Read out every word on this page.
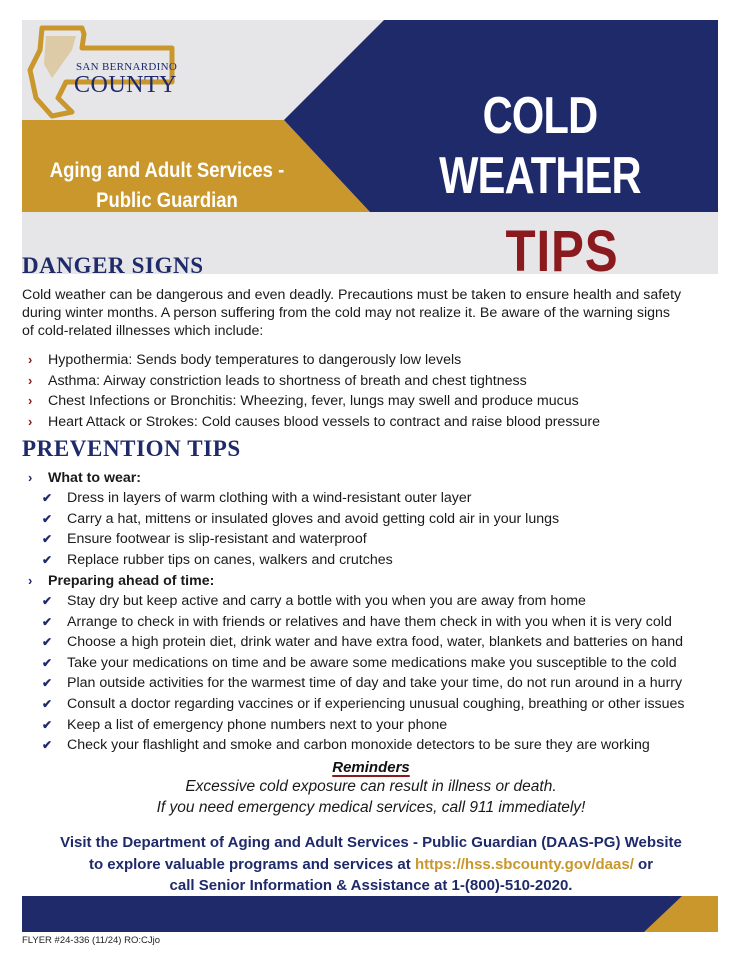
SAN BERNARDINO
COUNTY
Aging and Adult Services -
Public Guardian
COLD WEATHER
TIPS
DANGER SIGNS
Cold weather can be dangerous and even deadly. Precautions must be taken to ensure health and safety during winter months. A person suffering from the cold may not realize it. Be aware of the warning signs of cold-related illnesses which include:
› Hypothermia: Sends body temperatures to dangerously low levels
› Asthma: Airway constriction leads to shortness of breath and chest tightness
› Chest Infections or Bronchitis: Wheezing, fever, lungs may swell and produce mucus
› Heart Attack or Strokes: Cold causes blood vessels to contract and raise blood pressure
PREVENTION TIPS
› What to wear:
✔ Dress in layers of warm clothing with a wind-resistant outer layer
✔ Carry a hat, mittens or insulated gloves and avoid getting cold air in your lungs
✔ Ensure footwear is slip-resistant and waterproof
✔ Replace rubber tips on canes, walkers and crutches
› Preparing ahead of time:
✔ Stay dry but keep active and carry a bottle with you when you are away from home
✔ Arrange to check in with friends or relatives and have them check in with you when it is very cold
✔ Choose a high protein diet, drink water and have extra food, water, blankets and batteries on hand
✔ Take your medications on time and be aware some medications make you susceptible to the cold
✔ Plan outside activities for the warmest time of day and take your time, do not run around in a hurry
✔ Consult a doctor regarding vaccines or if experiencing unusual coughing, breathing or other issues
✔ Keep a list of emergency phone numbers next to your phone
✔ Check your flashlight and smoke and carbon monoxide detectors to be sure they are working
Reminders
Excessive cold exposure can result in illness or death.
If you need emergency medical services, call 911 immediately!
Visit the Department of Aging and Adult Services - Public Guardian (DAAS-PG) Website
to explore valuable programs and services at https://hss.sbcounty.gov/daas/ or
call Senior Information & Assistance at 1-(800)-510-2020.
FLYER #24-336 (11/24) RO:CJjo
